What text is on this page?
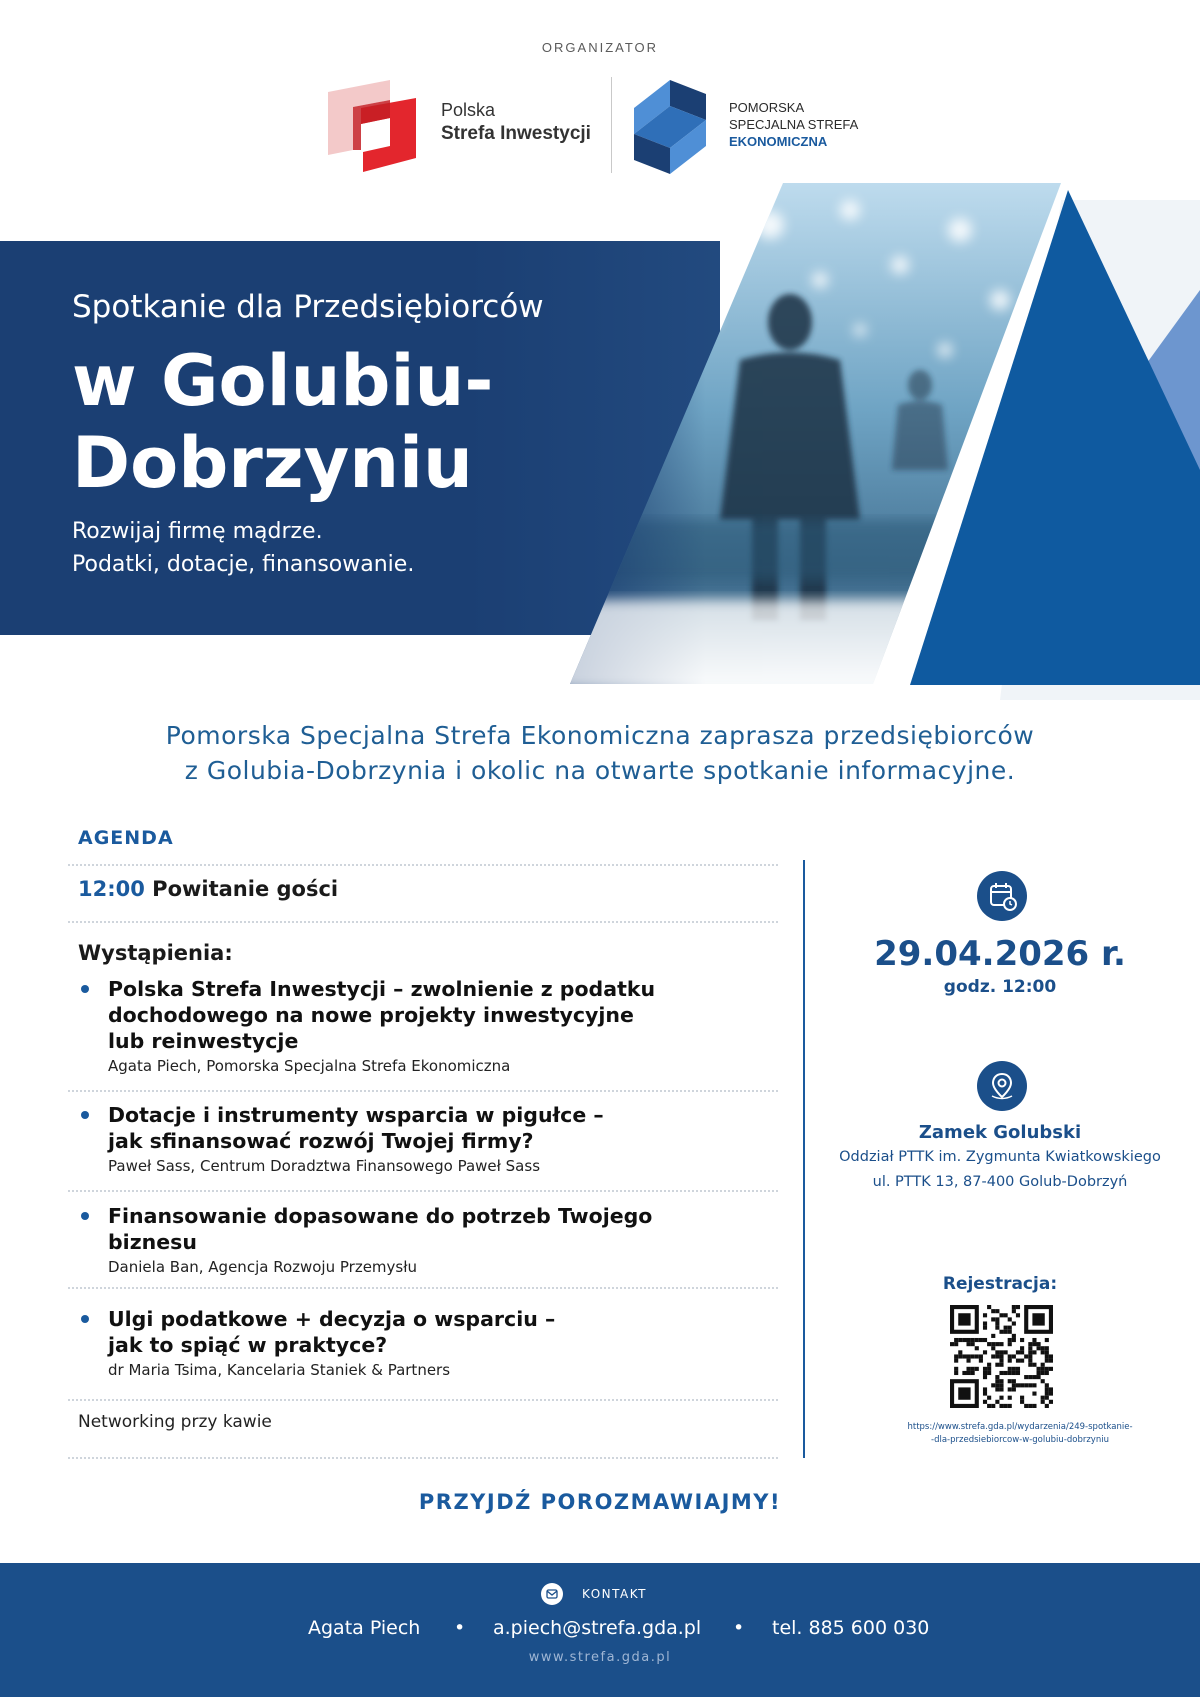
ORGANIZATOR
Polska
Strefa Inwestycji
POMORSKA
SPECJALNA STREFA
EKONOMICZNA
Spotkanie dla Przedsiębiorców
w Golubiu-
Dobrzyniu
Rozwijaj firmę mądrze.
Podatki, dotacje, finansowanie.
Pomorska Specjalna Strefa Ekonomiczna zaprasza przedsiębiorców
z Golubia-Dobrzynia i okolic na otwarte spotkanie informacyjne.
AGENDA
12:00 Powitanie gości
Wystąpienia:
Polska Strefa Inwestycji – zwolnienie z podatku
dochodowego na nowe projekty inwestycyjne
lub reinwestycje
Agata Piech, Pomorska Specjalna Strefa Ekonomiczna
Dotacje i instrumenty wsparcia w pigułce –
jak sfinansować rozwój Twojej firmy?
Paweł Sass, Centrum Doradztwa Finansowego Paweł Sass
Finansowanie dopasowane do potrzeb Twojego
biznesu
Daniela Ban, Agencja Rozwoju Przemysłu
Ulgi podatkowe + decyzja o wsparciu –
jak to spiąć w praktyce?
dr Maria Tsima, Kancelaria Staniek & Partners
Networking przy kawie
29.04.2026 r.
godz. 12:00
Zamek Golubski
Oddział PTTK im. Zygmunta Kwiatkowskiego
ul. PTTK 13, 87-400 Golub-Dobrzyń
Rejestracja:
https://www.strefa.gda.pl/wydarzenia/249-spotkanie-
-dla-przedsiebiorcow-w-golubiu-dobrzyniu
PRZYJDŹ POROZMAWIAJMY!
KONTAKT
Agata Piech • a.piech@strefa.gda.pl • tel. 885 600 030
www.strefa.gda.pl
